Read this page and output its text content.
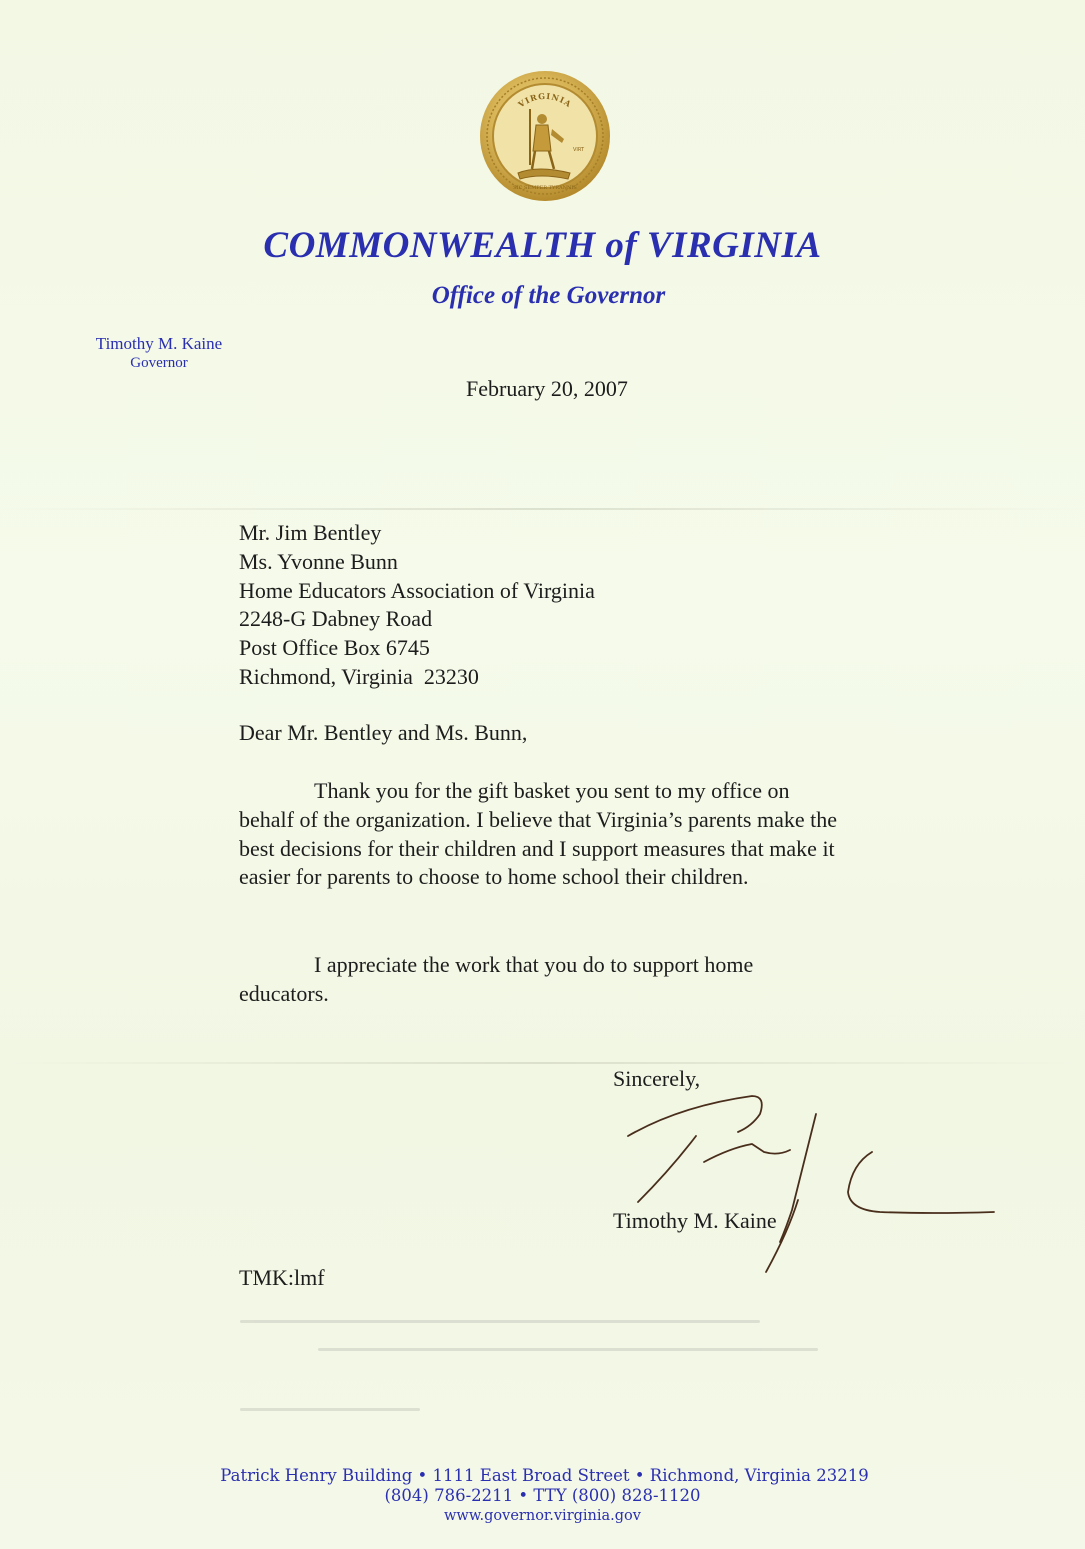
VIRGINIA
VIRT
SIC SEMPER TYRANNIS
COMMONWEALTH of VIRGINIA
Office of the Governor
Timothy M. Kaine
Governor
February 20, 2007
Mr. Jim Bentley
Ms. Yvonne Bunn
Home Educators Association of Virginia
2248-G Dabney Road
Post Office Box 6745
Richmond, Virginia  23230
Dear Mr. Bentley and Ms. Bunn,

Thank you for the gift basket you sent to my office on behalf of the organization. I believe that Virginia’s parents make the best decisions for their children and I support measures that make it easier for parents to choose to home school their children.

I appreciate the work that you do to support home educators.

Sincerely,
Timothy M. Kaine
TMK:lmf
Patrick Henry Building • 1111 East Broad Street • Richmond, Virginia 23219
(804) 786-2211 • TTY (800) 828-1120
www.governor.virginia.gov
